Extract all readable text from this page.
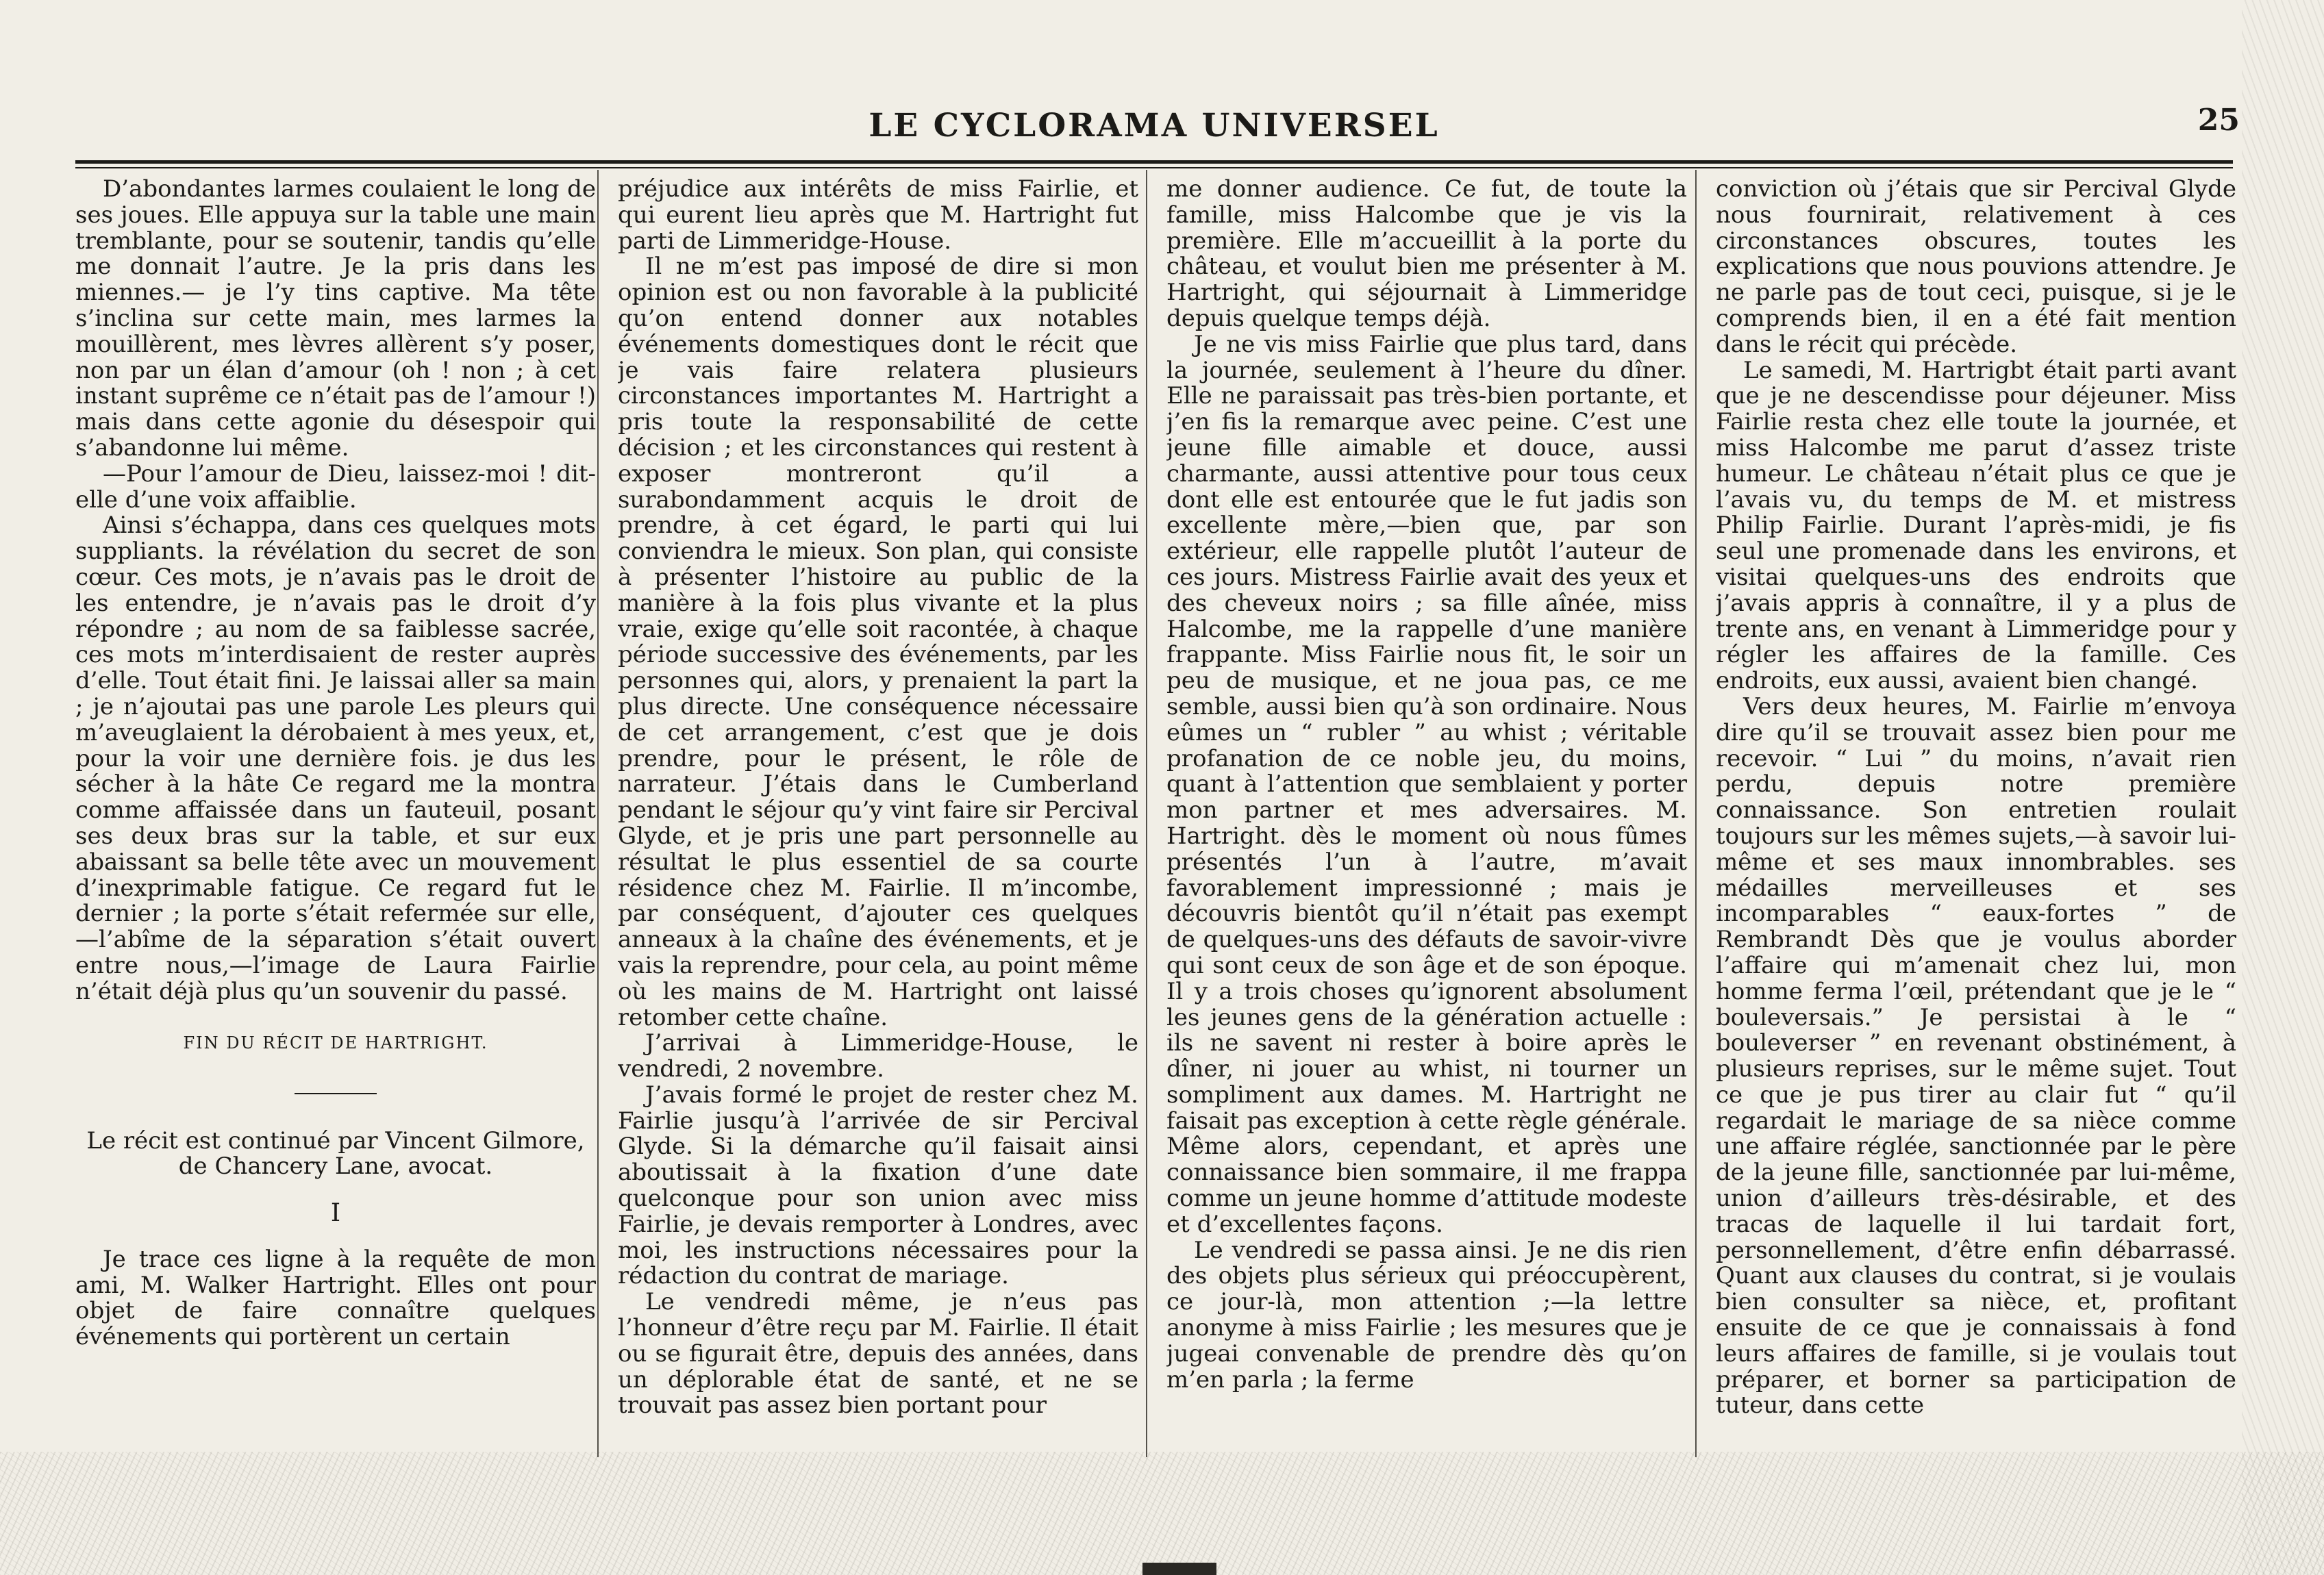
LE CYCLORAMA UNIVERSEL	25

D’abondantes larmes coulaient le long de ses joues. Elle appuya sur la table une main tremblante, pour se soutenir, tandis qu’elle me donnait l’autre. Je la pris dans les miennes.— je l’y tins captive. Ma tête s’inclina sur cette main, mes larmes la mouillèrent, mes lèvres allèrent s’y poser, non par un élan d’amour (oh ! non ; à cet instant suprême ce n’était pas de l’amour !) mais dans cette agonie du désespoir qui s’abandonne lui même.

—Pour l’amour de Dieu, laissez-moi ! dit-elle d’une voix affaiblie.

Ainsi s’échappa, dans ces quelques mots suppliants. la révélation du secret de son cœur. Ces mots, je n’avais pas le droit de les entendre, je n’avais pas le droit d’y répondre ; au nom de sa faiblesse sacrée, ces mots m’interdisaient de rester auprès d’elle. Tout était fini. Je laissai aller sa main ; je n’ajoutai pas une parole Les pleurs qui m’aveuglaient la dérobaient à mes yeux, et, pour la voir une dernière fois. je dus les sécher à la hâte Ce regard me la montra comme affaissée dans un fauteuil, posant ses deux bras sur la table, et sur eux abaissant sa belle tête avec un mouvement d’inexprimable fatigue. Ce regard fut le dernier ; la porte s’était refermée sur elle,—l’abîme de la séparation s’était ouvert entre nous,—l’image de Laura Fairlie n’était déjà plus qu’un souvenir du passé.

FIN DU RÉCIT DE HARTRIGHT.

Le récit est continué par Vincent Gilmore, de Chancery Lane, avocat.

I

Je trace ces ligne à la requête de mon ami, M. Walker Hartright. Elles ont pour objet de faire connaître quelques événements qui portèrent un certain

préjudice aux intérêts de miss Fairlie, et qui eurent lieu après que M. Hartright fut parti de Limmeridge-House.

Il ne m’est pas imposé de dire si mon opinion est ou non favorable à la publicité qu’on entend donner aux notables événements domestiques dont le récit que je vais faire relatera plusieurs circonstances importantes M. Hartright a pris toute la responsabilité de cette décision ; et les circonstances qui restent à exposer montreront qu’il a surabondamment acquis le droit de prendre, à cet égard, le parti qui lui conviendra le mieux. Son plan, qui consiste à présenter l’histoire au public de la manière à la fois plus vivante et la plus vraie, exige qu’elle soit racontée, à chaque période successive des événements, par les personnes qui, alors, y prenaient la part la plus directe. Une conséquence nécessaire de cet arrangement, c’est que je dois prendre, pour le présent, le rôle de narrateur. J’étais dans le Cumberland pendant le séjour qu’y vint faire sir Percival Glyde, et je pris une part personnelle au résultat le plus essentiel de sa courte résidence chez M. Fairlie. Il m’incombe, par conséquent, d’ajouter ces quelques anneaux à la chaîne des événements, et je vais la reprendre, pour cela, au point même où les mains de M. Hartright ont laissé retomber cette chaîne.

J’arrivai à Limmeridge-House, le vendredi, 2 novembre.

J’avais formé le projet de rester chez M. Fairlie jusqu’à l’arrivée de sir Percival Glyde. Si la démarche qu’il faisait ainsi aboutissait à la fixation d’une date quelconque pour son union avec miss Fairlie, je devais remporter à Londres, avec moi, les instructions nécessaires pour la rédaction du contrat de mariage.

Le vendredi même, je n’eus pas l’honneur d’être reçu par M. Fairlie. Il était ou se figurait être, depuis des années, dans un déplorable état de santé, et ne se trouvait pas assez bien portant pour

me donner audience. Ce fut, de toute la famille, miss Halcombe que je vis la première. Elle m’accueillit à la porte du château, et voulut bien me présenter à M. Hartright, qui séjournait à Limmeridge depuis quelque temps déjà.

Je ne vis miss Fairlie que plus tard, dans la journée, seulement à l’heure du dîner. Elle ne paraissait pas très-bien portante, et j’en fis la remarque avec peine. C’est une jeune fille aimable et douce, aussi charmante, aussi attentive pour tous ceux dont elle est entourée que le fut jadis son excellente mère,—bien que, par son extérieur, elle rappelle plutôt l’auteur de ces jours. Mistress Fairlie avait des yeux et des cheveux noirs ; sa fille aînée, miss Halcombe, me la rappelle d’une manière frappante. Miss Fairlie nous fit, le soir un peu de musique, et ne joua pas, ce me semble, aussi bien qu’à son ordinaire. Nous eûmes un “ rubler ” au whist ; véritable profanation de ce noble jeu, du moins, quant à l’attention que semblaient y porter mon partner et mes adversaires. M. Hartright. dès le moment où nous fûmes présentés l’un à l’autre, m’avait favorablement impressionné ; mais je découvris bientôt qu’il n’était pas exempt de quelques-uns des défauts de savoir-vivre qui sont ceux de son âge et de son époque. Il y a trois choses qu’ignorent absolument les jeunes gens de la génération actuelle : ils ne savent ni rester à boire après le dîner, ni jouer au whist, ni tourner un sompliment aux dames. M. Hartright ne faisait pas exception à cette règle générale. Même alors, cependant, et après une connaissance bien sommaire, il me frappa comme un jeune homme d’attitude modeste et d’excellentes façons.

Le vendredi se passa ainsi. Je ne dis rien des objets plus sérieux qui préoccupèrent, ce jour-là, mon attention ;—la lettre anonyme à miss Fairlie ; les mesures que je jugeai convenable de prendre dès qu’on m’en parla ; la ferme

conviction où j’étais que sir Percival Glyde nous fournirait, relativement à ces circonstances obscures, toutes les explications que nous pouvions attendre. Je ne parle pas de tout ceci, puisque, si je le comprends bien, il en a été fait mention dans le récit qui précède.

Le samedi, M. Hartrigbt était parti avant que je ne descendisse pour déjeuner. Miss Fairlie resta chez elle toute la journée, et miss Halcombe me parut d’assez triste humeur. Le château n’était plus ce que je l’avais vu, du temps de M. et mistress Philip Fairlie. Durant l’après-midi, je fis seul une promenade dans les environs, et visitai quelques-uns des endroits que j’avais appris à connaître, il y a plus de trente ans, en venant à Limmeridge pour y régler les affaires de la famille. Ces endroits, eux aussi, avaient bien changé.

Vers deux heures, M. Fairlie m’envoya dire qu’il se trouvait assez bien pour me recevoir. “ Lui ” du moins, n’avait rien perdu, depuis notre première connaissance. Son entretien roulait toujours sur les mêmes sujets,—à savoir lui-même et ses maux innombrables. ses médailles merveilleuses et ses incomparables “ eaux-fortes ” de Rembrandt Dès que je voulus aborder l’affaire qui m’amenait chez lui, mon homme ferma l’œil, prétendant que je le “ bouleversais.” Je persistai à le “ bouleverser ” en revenant obstinément, à plusieurs reprises, sur le même sujet. Tout ce que je pus tirer au clair fut “ qu’il regardait le mariage de sa nièce comme une affaire réglée, sanctionnée par le père de la jeune fille, sanctionnée par lui-même, union d’ailleurs très-désirable, et des tracas de laquelle il lui tardait fort, personnellement, d’être enfin débarrassé. Quant aux clauses du contrat, si je voulais bien consulter sa nièce, et, profitant ensuite de ce que je connaissais à fond leurs affaires de famille, si je voulais tout préparer, et borner sa participation de tuteur, dans cette
